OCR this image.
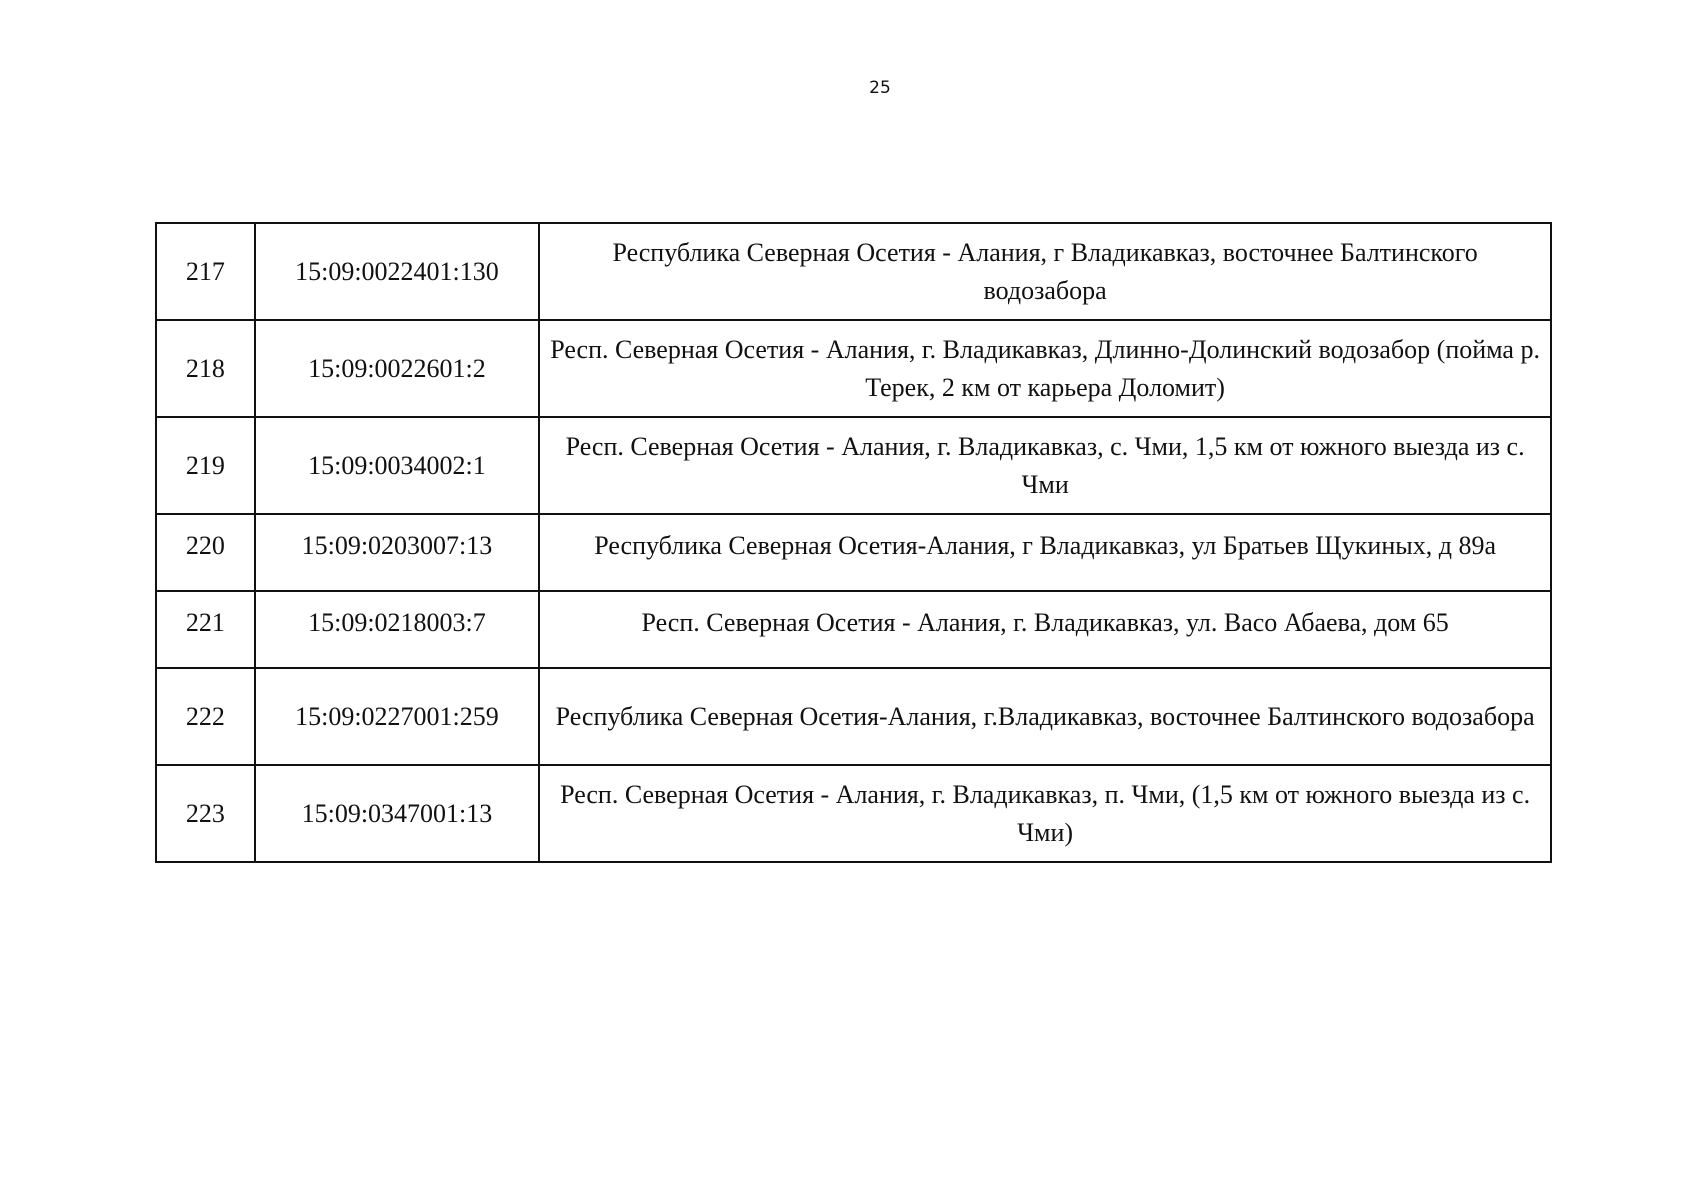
25
217	15:09:0022401:130	Республика Северная Осетия - Алания, г Владикавказ, восточнее Балтинского водозабора
218	15:09:0022601:2	Респ. Северная Осетия - Алания, г. Владикавказ, Длинно-Долинский водозабор (пойма р. Терек, 2 км от карьера Доломит)
219	15:09:0034002:1	Респ. Северная Осетия - Алания, г. Владикавказ, с. Чми, 1,5 км от южного выезда из с. Чми
220	15:09:0203007:13	Республика Северная Осетия-Алания, г Владикавказ, ул Братьев Щукиных, д 89а
221	15:09:0218003:7	Респ. Северная Осетия - Алания, г. Владикавказ, ул. Васо Абаева, дом 65
222	15:09:0227001:259	Республика Северная Осетия-Алания, г.Владикавказ, восточнее Балтинского водозабора
223	15:09:0347001:13	Респ. Северная Осетия - Алания, г. Владикавказ, п. Чми, (1,5 км от южного выезда из с. Чми)
